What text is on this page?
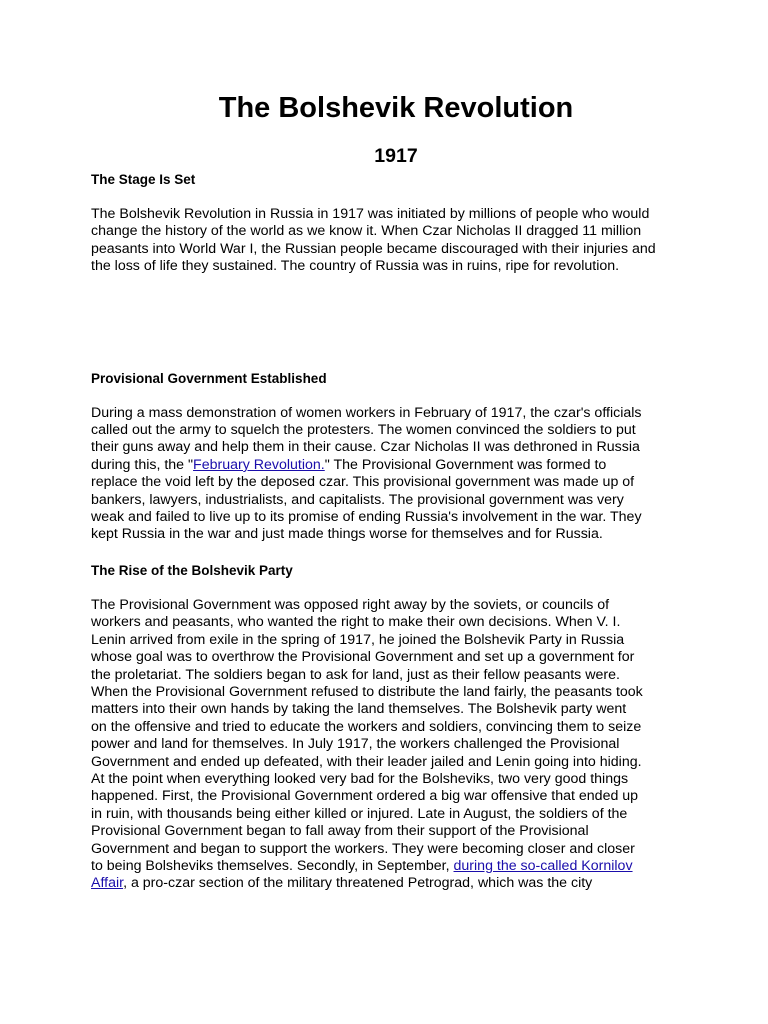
The Bolshevik Revolution
1917
The Stage Is Set

The Bolshevik Revolution in Russia in 1917 was initiated by millions of people who would
change the history of the world as we know it. When Czar Nicholas II dragged 11 million
peasants into World War I, the Russian people became discouraged with their injuries and
the loss of life they sustained. The country of Russia was in ruins, ripe for revolution.

Provisional Government Established

During a mass demonstration of women workers in February of 1917, the czar's officials
called out the army to squelch the protesters. The women convinced the soldiers to put
their guns away and help them in their cause. Czar Nicholas II was dethroned in Russia
during this, the "February Revolution." The Provisional Government was formed to
replace the void left by the deposed czar. This provisional government was made up of
bankers, lawyers, industrialists, and capitalists. The provisional government was very
weak and failed to live up to its promise of ending Russia's involvement in the war. They
kept Russia in the war and just made things worse for themselves and for Russia.

The Rise of the Bolshevik Party

The Provisional Government was opposed right away by the soviets, or councils of
workers and peasants, who wanted the right to make their own decisions. When V. I.
Lenin arrived from exile in the spring of 1917, he joined the Bolshevik Party in Russia
whose goal was to overthrow the Provisional Government and set up a government for
the proletariat. The soldiers began to ask for land, just as their fellow peasants were.
When the Provisional Government refused to distribute the land fairly, the peasants took
matters into their own hands by taking the land themselves. The Bolshevik party went
on the offensive and tried to educate the workers and soldiers, convincing them to seize
power and land for themselves. In July 1917, the workers challenged the Provisional
Government and ended up defeated, with their leader jailed and Lenin going into hiding.
At the point when everything looked very bad for the Bolsheviks, two very good things
happened. First, the Provisional Government ordered a big war offensive that ended up
in ruin, with thousands being either killed or injured. Late in August, the soldiers of the
Provisional Government began to fall away from their support of the Provisional
Government and began to support the workers. They were becoming closer and closer
to being Bolsheviks themselves. Secondly, in September, during the so-called Kornilov
Affair, a pro-czar section of the military threatened Petrograd, which was the city
